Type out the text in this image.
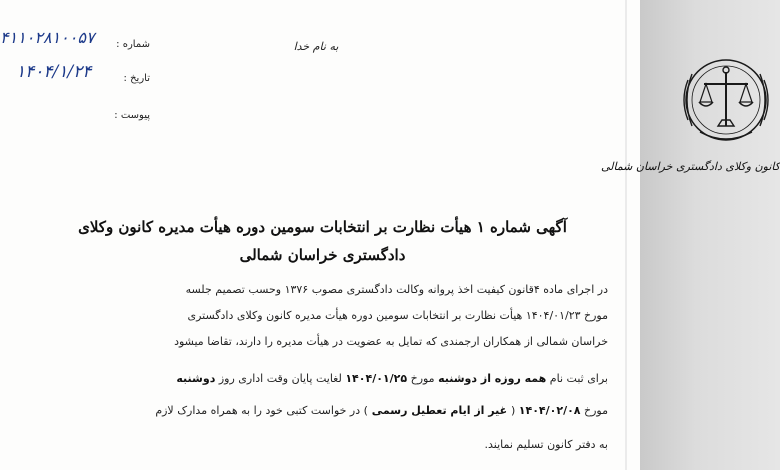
کانون وکلای دادگستری خراسان شمالی
شماره :
۴۱۱۰۲۸۱۰۰۵۷
تاریخ :
۱۴۰۴/۱/۲۴
پیوست :
به نام خدا
آگهی شماره ۱ هیأت نظارت بر انتخابات سومین دوره هیأت مدیره کانون وکلای
دادگستری خراسان شمالی
در اجرای ماده ۴قانون کیفیت اخذ پروانه وکالت دادگستری مصوب ۱۳۷۶ وحسب تصمیم جلسه
مورخ ۱۴۰۴/۰۱/۲۳ هیأت نظارت بر انتخابات سومین دوره هیأت مدیره کانون وکلای دادگستری
خراسان شمالی از همکاران ارجمندی که تمایل به عضویت در هیأت مدیره را دارند، تقاضا میشود
برای ثبت نام همه روزه از دوشنبه مورخ ۱۴۰۴/۰۱/۲۵ لغایت پایان وقت اداری روز دوشنبه
مورخ ۱۴۰۴/۰۲/۰۸ ( غیر از ایام تعطیل رسمی ) در خواست کتبی خود را به همراه مدارک لازم
به دفتر کانون تسلیم نمایند.
